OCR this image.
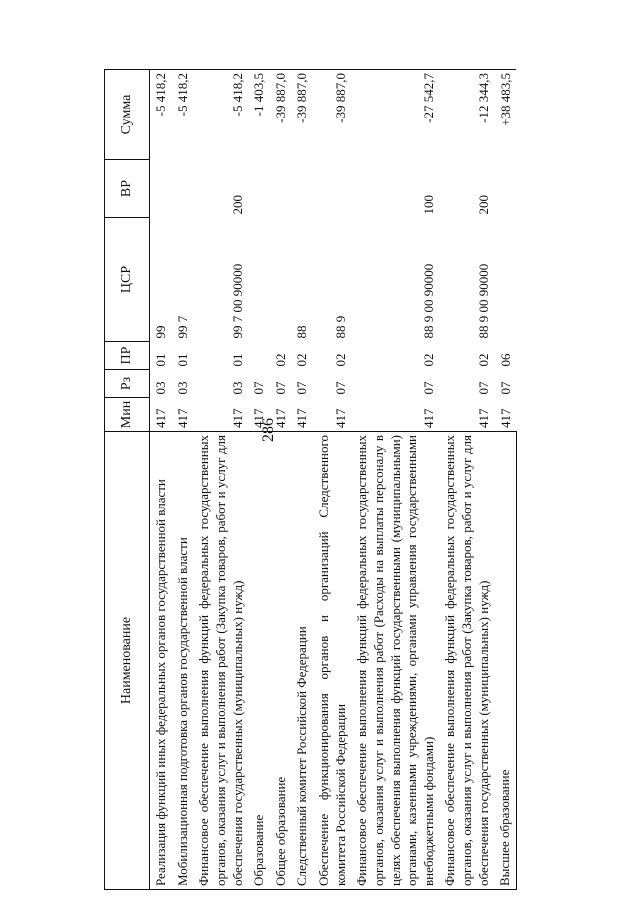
286
Наименование	Мин	Рз	ПР	ЦСР	ВР	Сумма
Реализация функций иных федеральных органов государственной власти	417	03	01	99		-5 418,2
Мобилизационная подготовка органов государственной власти	417	03	01	99 7		-5 418,2
Финансовое обеспечение выполнения функций федеральных государственных органов, оказания услуг и выполнения работ (Закупка товаров, работ и услуг для обеспечения государственных (муниципальных) нужд)	417	03	01	99 7 00 90000	200	-5 418,2
Образование	417	07				-1 403,5
Общее образование	417	07	02			-39 887,0
Следственный комитет Российской Федерации	417	07	02	88		-39 887,0
Обеспечение функционирования органов и организаций Следственного комитета Российской Федерации	417	07	02	88 9		-39 887,0
Финансовое обеспечение выполнения функций федеральных государственных органов, оказания услуг и выполнения работ (Расходы на выплаты персоналу в целях обеспечения выполнения функций государственными (муниципальными) органами, казенными учреждениями, органами управления государственными внебюджетными фондами)	417	07	02	88 9 00 90000	100	-27 542,7
Финансовое обеспечение выполнения функций федеральных государственных органов, оказания услуг и выполнения работ (Закупка товаров, работ и услуг для обеспечения государственных (муниципальных) нужд)	417	07	02	88 9 00 90000	200	-12 344,3
Высшее образование	417	07	06			+38 483,5
